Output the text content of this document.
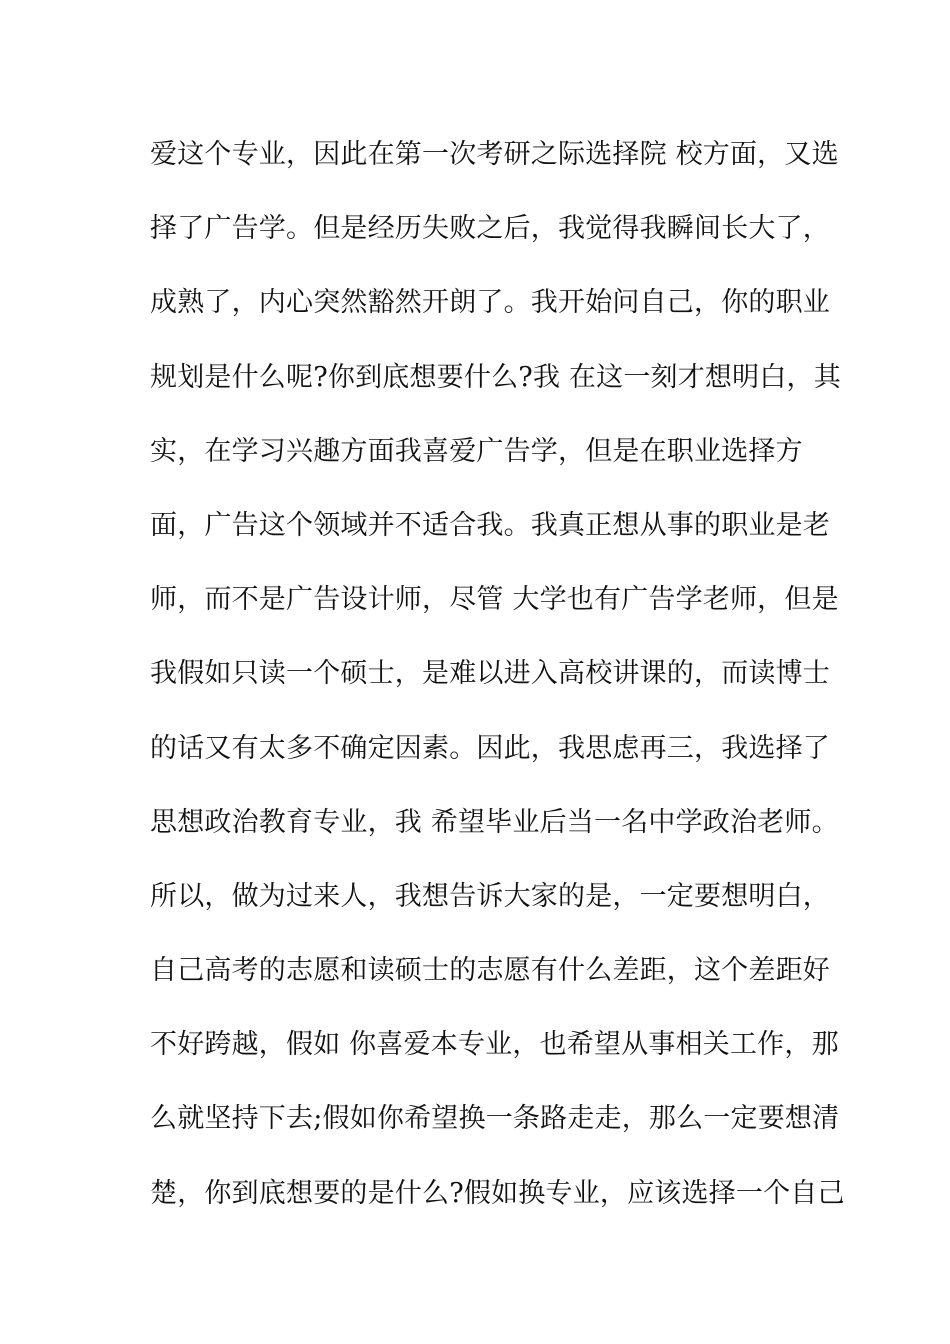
爱这个专业，因此在第一次考研之际选择院 校方面，又选
择了广告学。但是经历失败之后，我觉得我瞬间长大了，
成熟了，内心突然豁然开朗了。我开始问自己，你的职业
规划是什么呢?你到底想要什么?我 在这一刻才想明白，其
实，在学习兴趣方面我喜爱广告学，但是在职业选择方
面，广告这个领域并不适合我。我真正想从事的职业是老
师，而不是广告设计师，尽管 大学也有广告学老师，但是
我假如只读一个硕士，是难以进入高校讲课的，而读博士
的话又有太多不确定因素。因此，我思虑再三，我选择了
思想政治教育专业，我 希望毕业后当一名中学政治老师。
所以，做为过来人，我想告诉大家的是，一定要想明白，
自己高考的志愿和读硕士的志愿有什么差距，这个差距好
不好跨越，假如 你喜爱本专业，也希望从事相关工作，那
么就坚持下去;假如你希望换一条路走走，那么一定要想清
楚，你到底想要的是什么?假如换专业，应该选择一个自己
